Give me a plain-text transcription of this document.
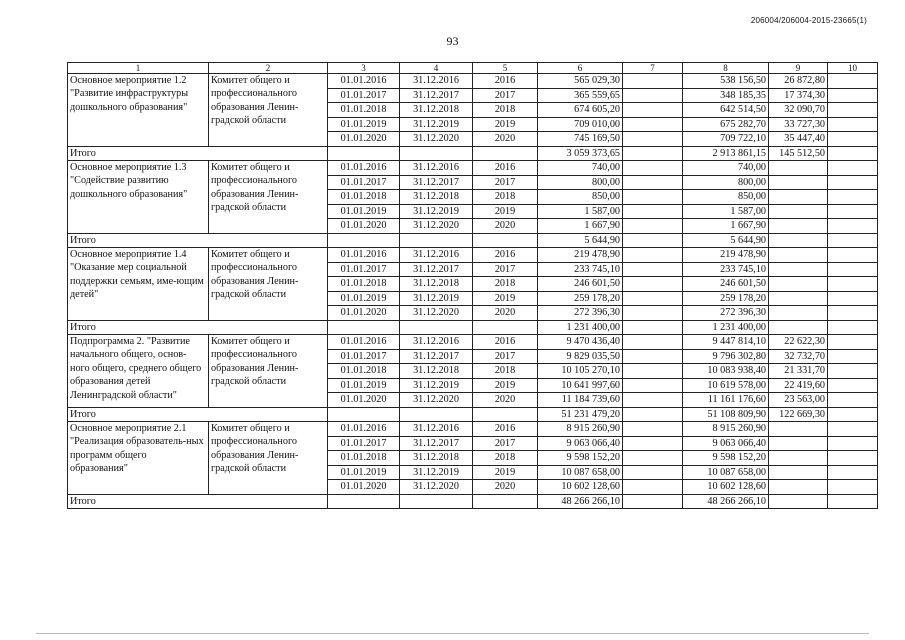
206004/206004-2015-23665(1)
93
1	2	3	4	5	6	7	8	9	10
Основное мероприятие 1.2 "Развитие инфраструктуры дошкольного образования"	Комитет общего и профессионального образования Ленин-градской области	01.01.2016	31.12.2016	2016	565 029,30		538 156,50	26 872,80	
		01.01.2017	31.12.2017	2017	365 559,65		348 185,35	17 374,30	
		01.01.2018	31.12.2018	2018	674 605,20		642 514,50	32 090,70	
		01.01.2019	31.12.2019	2019	709 010,00		675 282,70	33 727,30	
		01.01.2020	31.12.2020	2020	745 169,50		709 722,10	35 447,40	
Итого					3 059 373,65		2 913 861,15	145 512,50	
Основное мероприятие 1.3 "Содействие развитию дошкольного образования"	Комитет общего и профессионального образования Ленин-градской области	01.01.2016	31.12.2016	2016	740,00		740,00		
		01.01.2017	31.12.2017	2017	800,00		800,00		
		01.01.2018	31.12.2018	2018	850,00		850,00		
		01.01.2019	31.12.2019	2019	1 587,00		1 587,00		
		01.01.2020	31.12.2020	2020	1 667,90		1 667,90		
Итого					5 644,90		5 644,90		
Основное мероприятие 1.4 "Оказание мер социальной поддержки семьям, име-ющим детей"	Комитет общего и профессионального образования Ленин-градской области	01.01.2016	31.12.2016	2016	219 478,90		219 478,90		
		01.01.2017	31.12.2017	2017	233 745,10		233 745,10		
		01.01.2018	31.12.2018	2018	246 601,50		246 601,50		
		01.01.2019	31.12.2019	2019	259 178,20		259 178,20		
		01.01.2020	31.12.2020	2020	272 396,30		272 396,30		
Итого					1 231 400,00		1 231 400,00		
Подпрограмма 2. "Развитие начального общего, основ-ного общего, среднего общего образования детей Ленинградской области"	Комитет общего и профессионального образования Ленин-градской области	01.01.2016	31.12.2016	2016	9 470 436,40		9 447 814,10	22 622,30	
		01.01.2017	31.12.2017	2017	9 829 035,50		9 796 302,80	32 732,70	
		01.01.2018	31.12.2018	2018	10 105 270,10		10 083 938,40	21 331,70	
		01.01.2019	31.12.2019	2019	10 641 997,60		10 619 578,00	22 419,60	
		01.01.2020	31.12.2020	2020	11 184 739,60		11 161 176,60	23 563,00	
Итого					51 231 479,20		51 108 809,90	122 669,30	
Основное мероприятие 2.1 "Реализация образователь-ных программ общего образования"	Комитет общего и профессионального образования Ленин-градской области	01.01.2016	31.12.2016	2016	8 915 260,90		8 915 260,90		
		01.01.2017	31.12.2017	2017	9 063 066,40		9 063 066,40		
		01.01.2018	31.12.2018	2018	9 598 152,20		9 598 152,20		
		01.01.2019	31.12.2019	2019	10 087 658,00		10 087 658,00		
		01.01.2020	31.12.2020	2020	10 602 128,60		10 602 128,60		
Итого					48 266 266,10		48 266 266,10		
